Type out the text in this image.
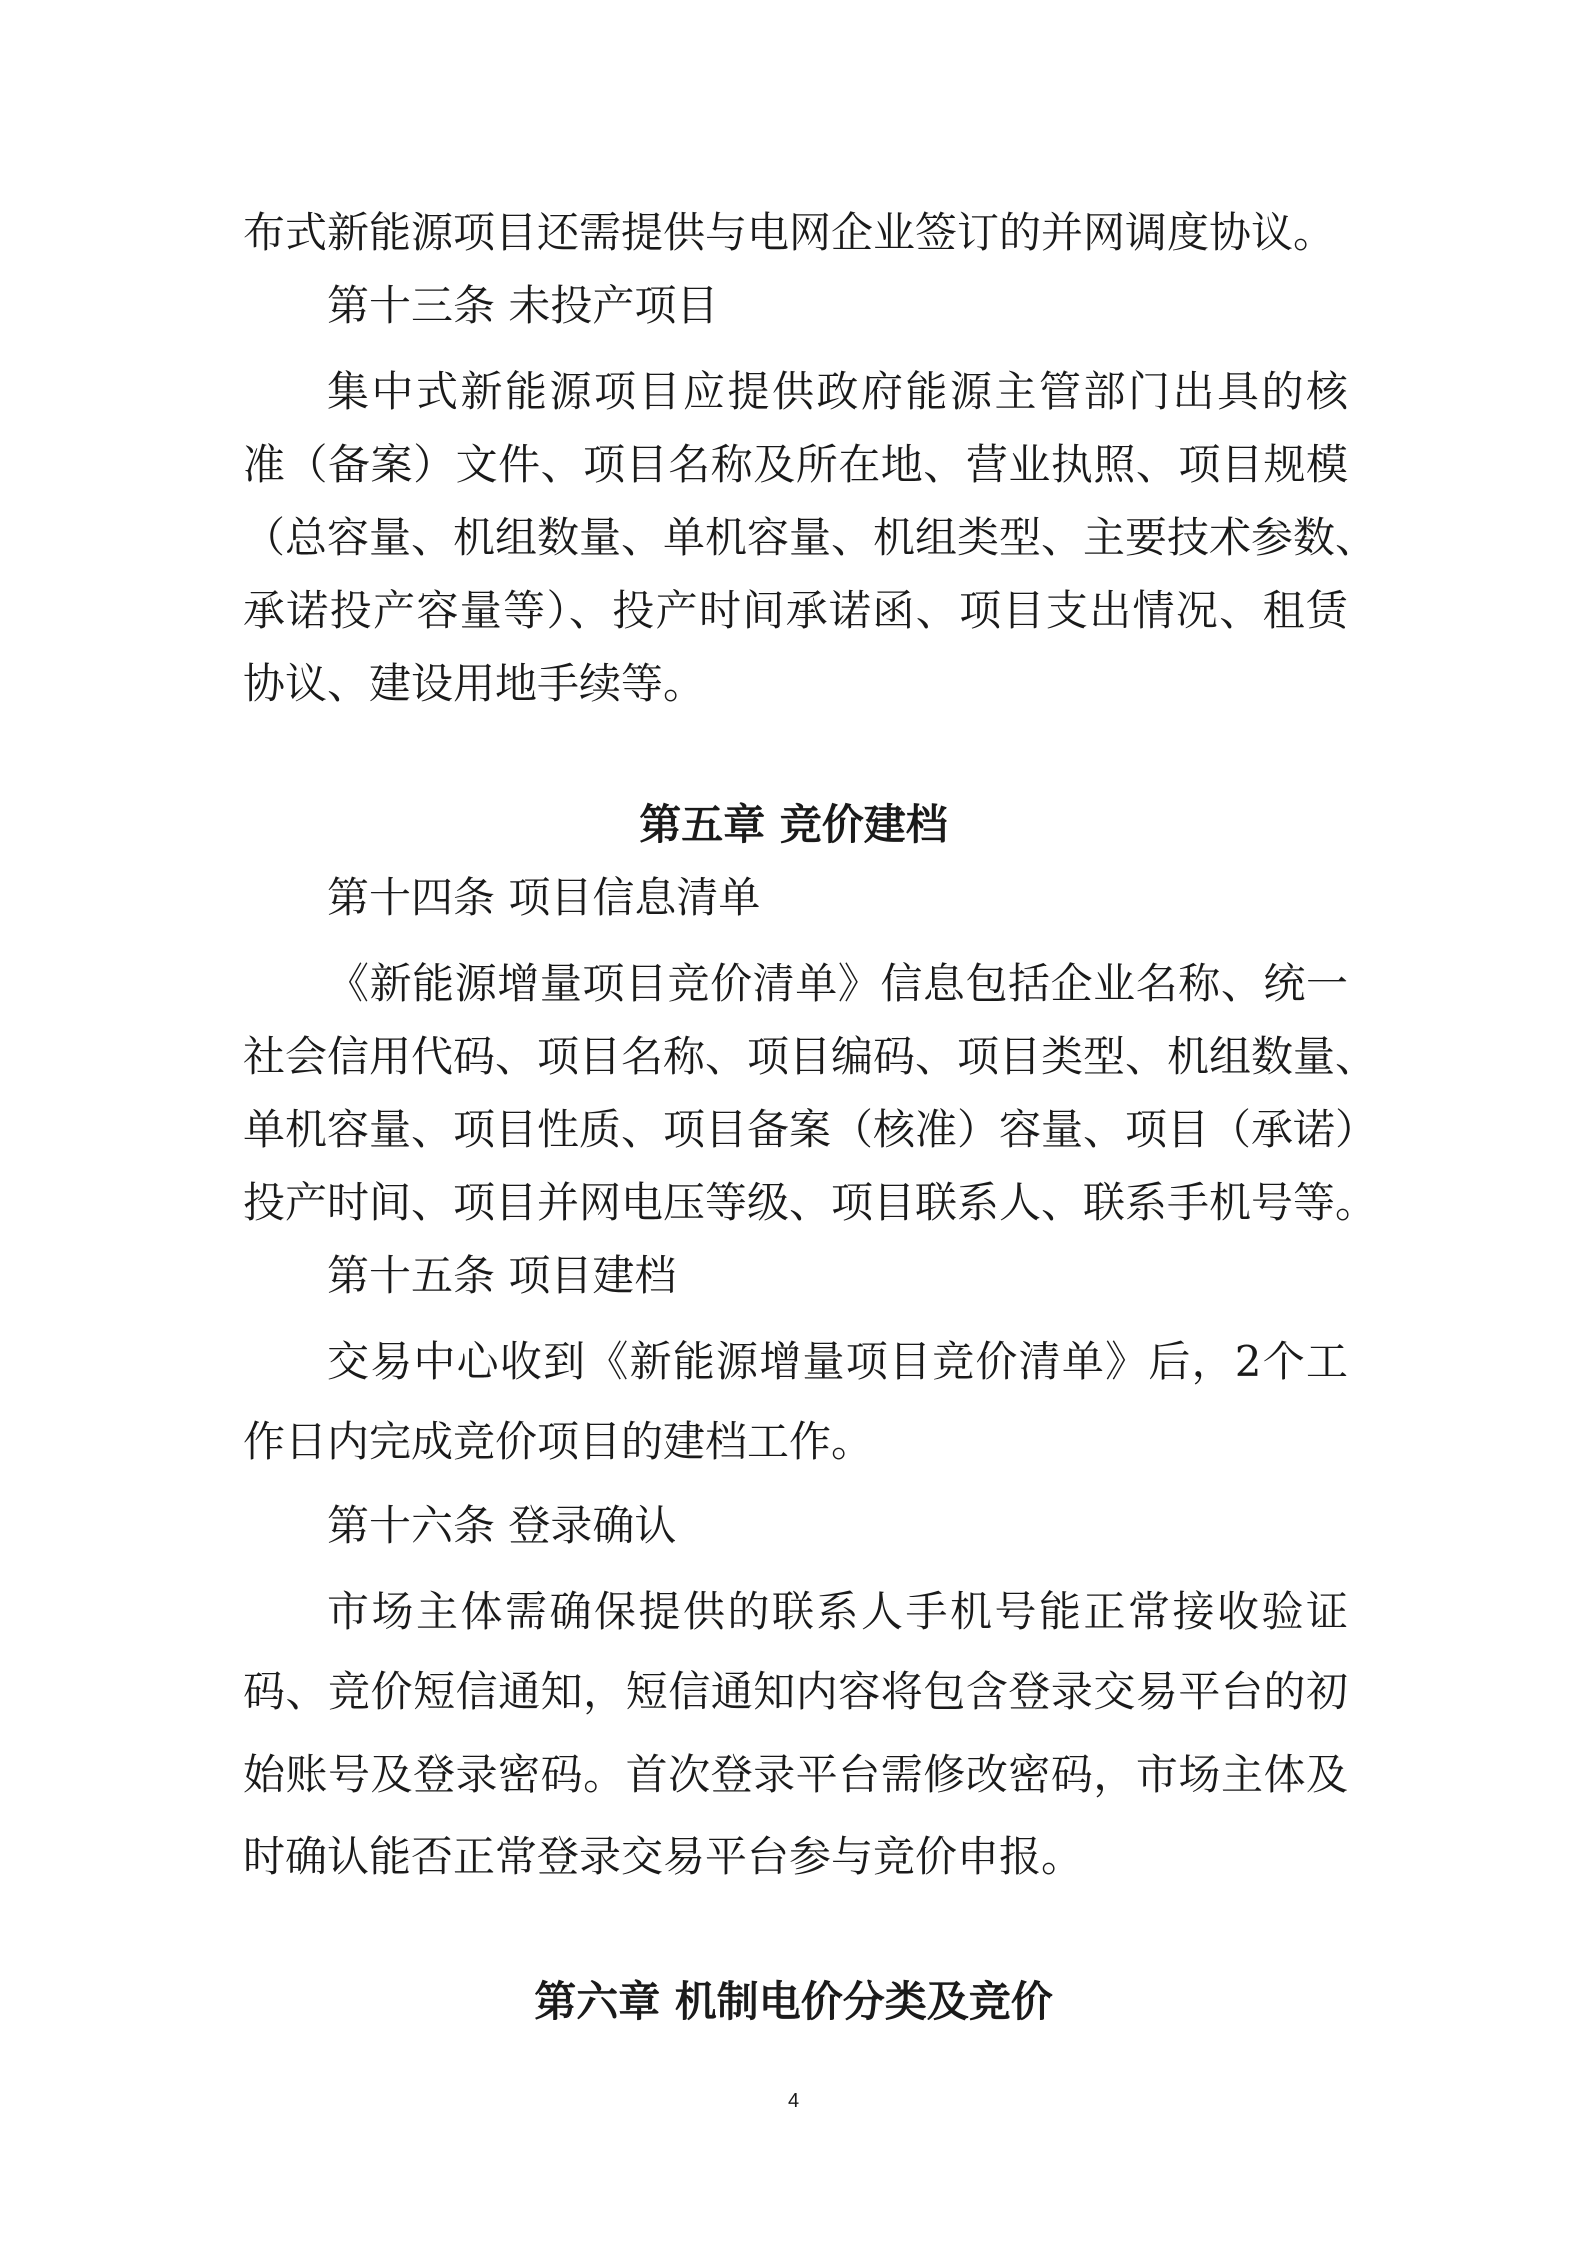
布式新能源项目还需提供与电网企业签订的并网调度协议。
第十三条 未投产项目
集中式新能源项目应提供政府能源主管部门出具的核
准（备案）文件、项目名称及所在地、营业执照、项目规模
（总容量、机组数量、单机容量、机组类型、主要技术参数、
承诺投产容量等）、投产时间承诺函、项目支出情况、租赁
协议、建设用地手续等。
第五章 竞价建档
第十四条 项目信息清单
《新能源增量项目竞价清单》信息包括企业名称、统一
社会信用代码、项目名称、项目编码、项目类型、机组数量、
单机容量、项目性质、项目备案（核准）容量、项目（承诺）
投产时间、项目并网电压等级、项目联系人、联系手机号等。
第十五条 项目建档
交易中心收到《新能源增量项目竞价清单》后，2个工
作日内完成竞价项目的建档工作。
第十六条 登录确认
市场主体需确保提供的联系人手机号能正常接收验证
码、竞价短信通知，短信通知内容将包含登录交易平台的初
始账号及登录密码。首次登录平台需修改密码，市场主体及
时确认能否正常登录交易平台参与竞价申报。
第六章 机制电价分类及竞价
4
